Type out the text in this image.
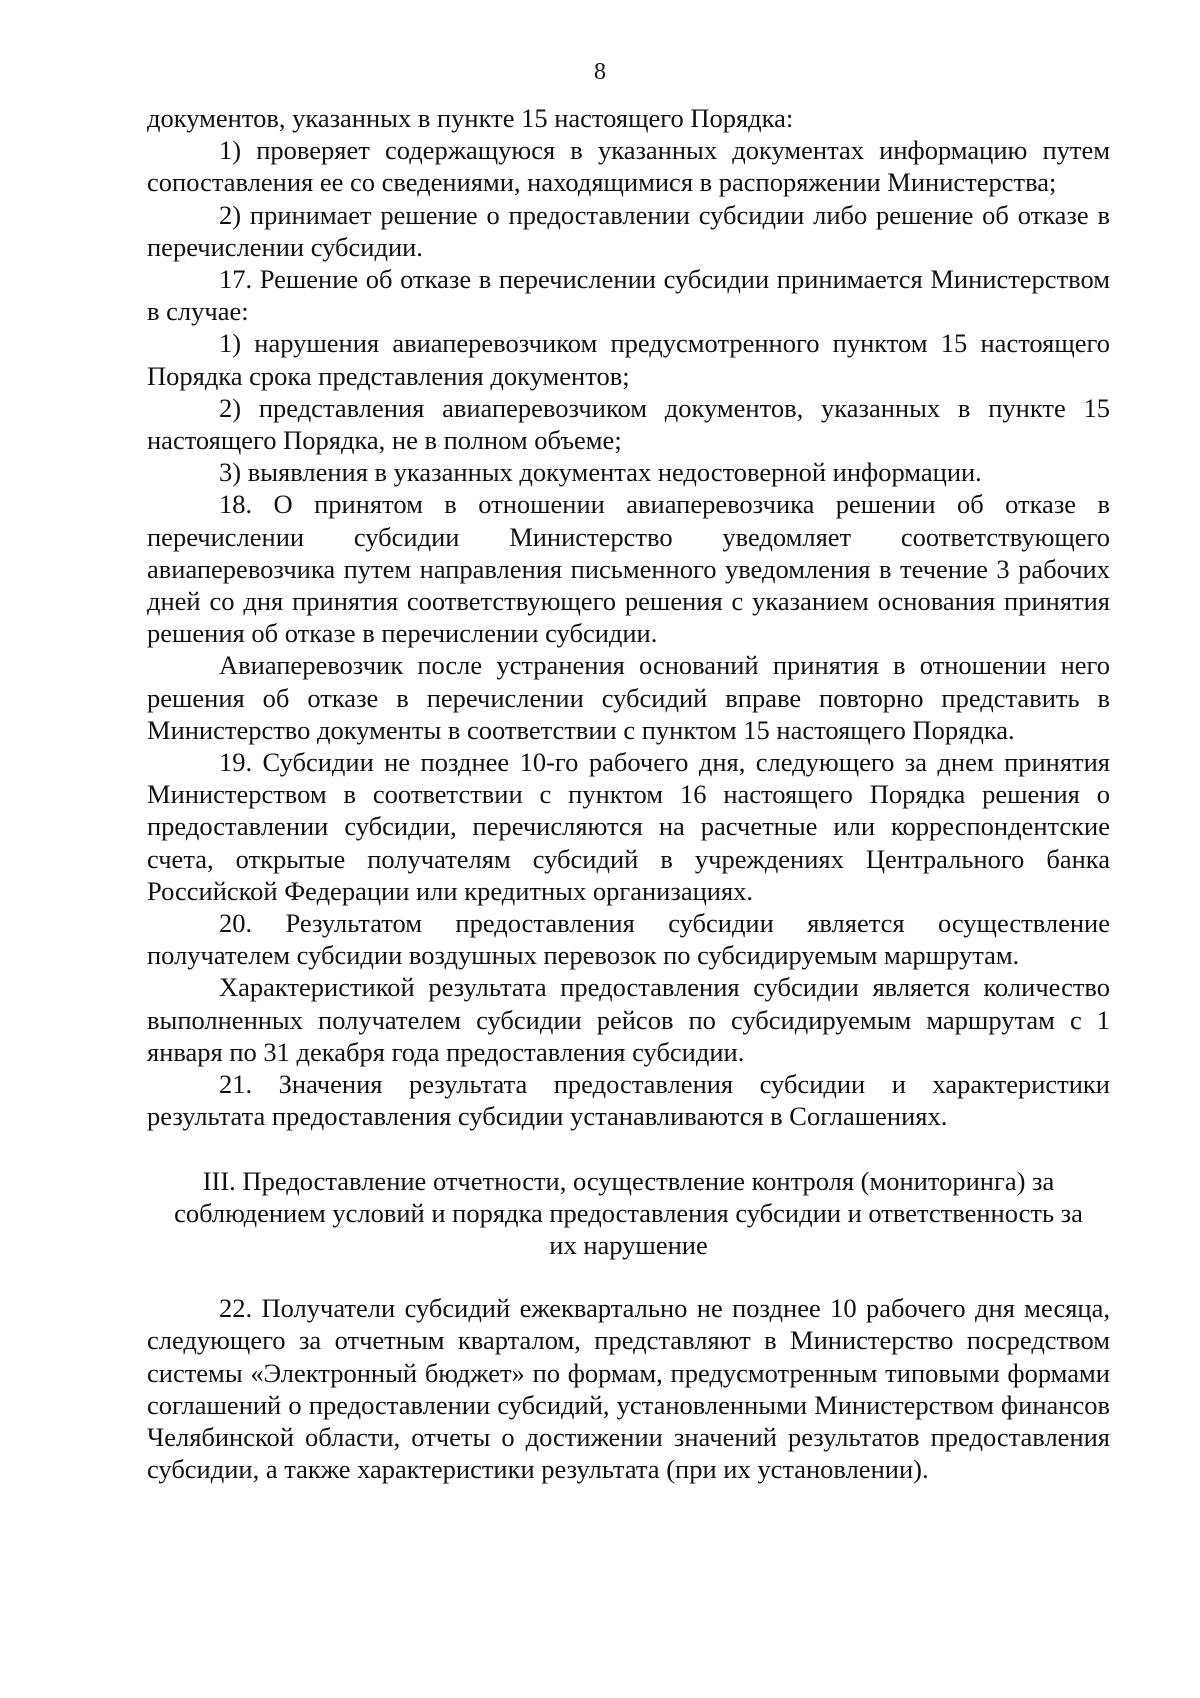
8

документов, указанных в пункте 15 настоящего Порядка:

1) проверяет содержащуюся в указанных документах информацию путем сопоставления ее со сведениями, находящимися в распоряжении Министерства;

2) принимает решение о предоставлении субсидии либо решение об отказе в перечислении субсидии.

17. Решение об отказе в перечислении субсидии принимается Министерством в случае:

1) нарушения авиаперевозчиком предусмотренного пунктом 15 настоящего Порядка срока представления документов;

2) представления авиаперевозчиком документов, указанных в пункте 15 настоящего Порядка, не в полном объеме;

3) выявления в указанных документах недостоверной информации.

18. О принятом в отношении авиаперевозчика решении об отказе в перечислении субсидии Министерство уведомляет соответствующего авиаперевозчика путем направления письменного уведомления в течение 3 рабочих дней со дня принятия соответствующего решения с указанием основания принятия решения об отказе в перечислении субсидии.

Авиаперевозчик после устранения оснований принятия в отношении него решения об отказе в перечислении субсидий вправе повторно представить в Министерство документы в соответствии с пунктом 15 настоящего Порядка.

19. Субсидии не позднее 10-го рабочего дня, следующего за днем принятия Министерством в соответствии с пунктом 16 настоящего Порядка решения о предоставлении субсидии, перечисляются на расчетные или корреспондентские счета, открытые получателям субсидий в учреждениях Центрального банка Российской Федерации или кредитных организациях.

20. Результатом предоставления субсидии является осуществление получателем субсидии воздушных перевозок по субсидируемым маршрутам.

Характеристикой результата предоставления субсидии является количество выполненных получателем субсидии рейсов по субсидируемым маршрутам с 1 января по 31 декабря года предоставления субсидии.

21. Значения результата предоставления субсидии и характеристики результата предоставления субсидии устанавливаются в Соглашениях.

III. Предоставление отчетности, осуществление контроля (мониторинга) за
соблюдением условий и порядка предоставления субсидии и ответственность за
их нарушение

22. Получатели субсидий ежеквартально не позднее 10 рабочего дня месяца, следующего за отчетным кварталом, представляют в Министерство посредством системы «Электронный бюджет» по формам, предусмотренным типовыми формами соглашений о предоставлении субсидий, установленными Министерством финансов Челябинской области, отчеты о достижении значений результатов предоставления субсидии, а также характеристики результата (при их установлении).
